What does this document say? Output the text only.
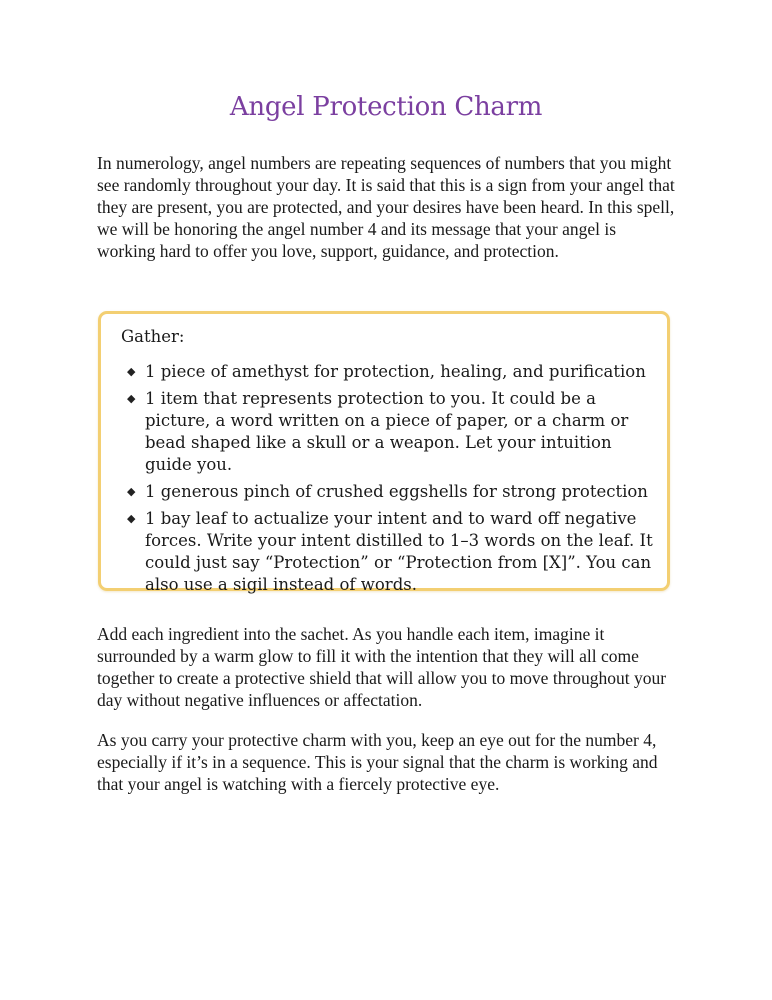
Angel Protection Charm

In numerology, angel numbers are repeating sequences of numbers that you might see randomly throughout your day. It is said that this is a sign from your angel that they are present, you are protected, and your desires have been heard. In this spell, we will be honoring the angel number 4 and its message that your angel is working hard to offer you love, support, guidance, and protection.

Gather:
◆ 1 piece of amethyst for protection, healing, and purification
◆ 1 item that represents protection to you. It could be a picture, a word written on a piece of paper, or a charm or bead shaped like a skull or a weapon. Let your intuition guide you.
◆ 1 generous pinch of crushed eggshells for strong protection
◆ 1 bay leaf to actualize your intent and to ward off negative forces. Write your intent distilled to 1–3 words on the leaf. It could just say “Protection” or “Protection from [X]”. You can also use a sigil instead of words.

Add each ingredient into the sachet. As you handle each item, imagine it surrounded by a warm glow to fill it with the intention that they will all come together to create a protective shield that will allow you to move throughout your day without negative influences or affectation.

As you carry your protective charm with you, keep an eye out for the number 4, especially if it’s in a sequence. This is your signal that the charm is working and that your angel is watching with a fiercely protective eye.
